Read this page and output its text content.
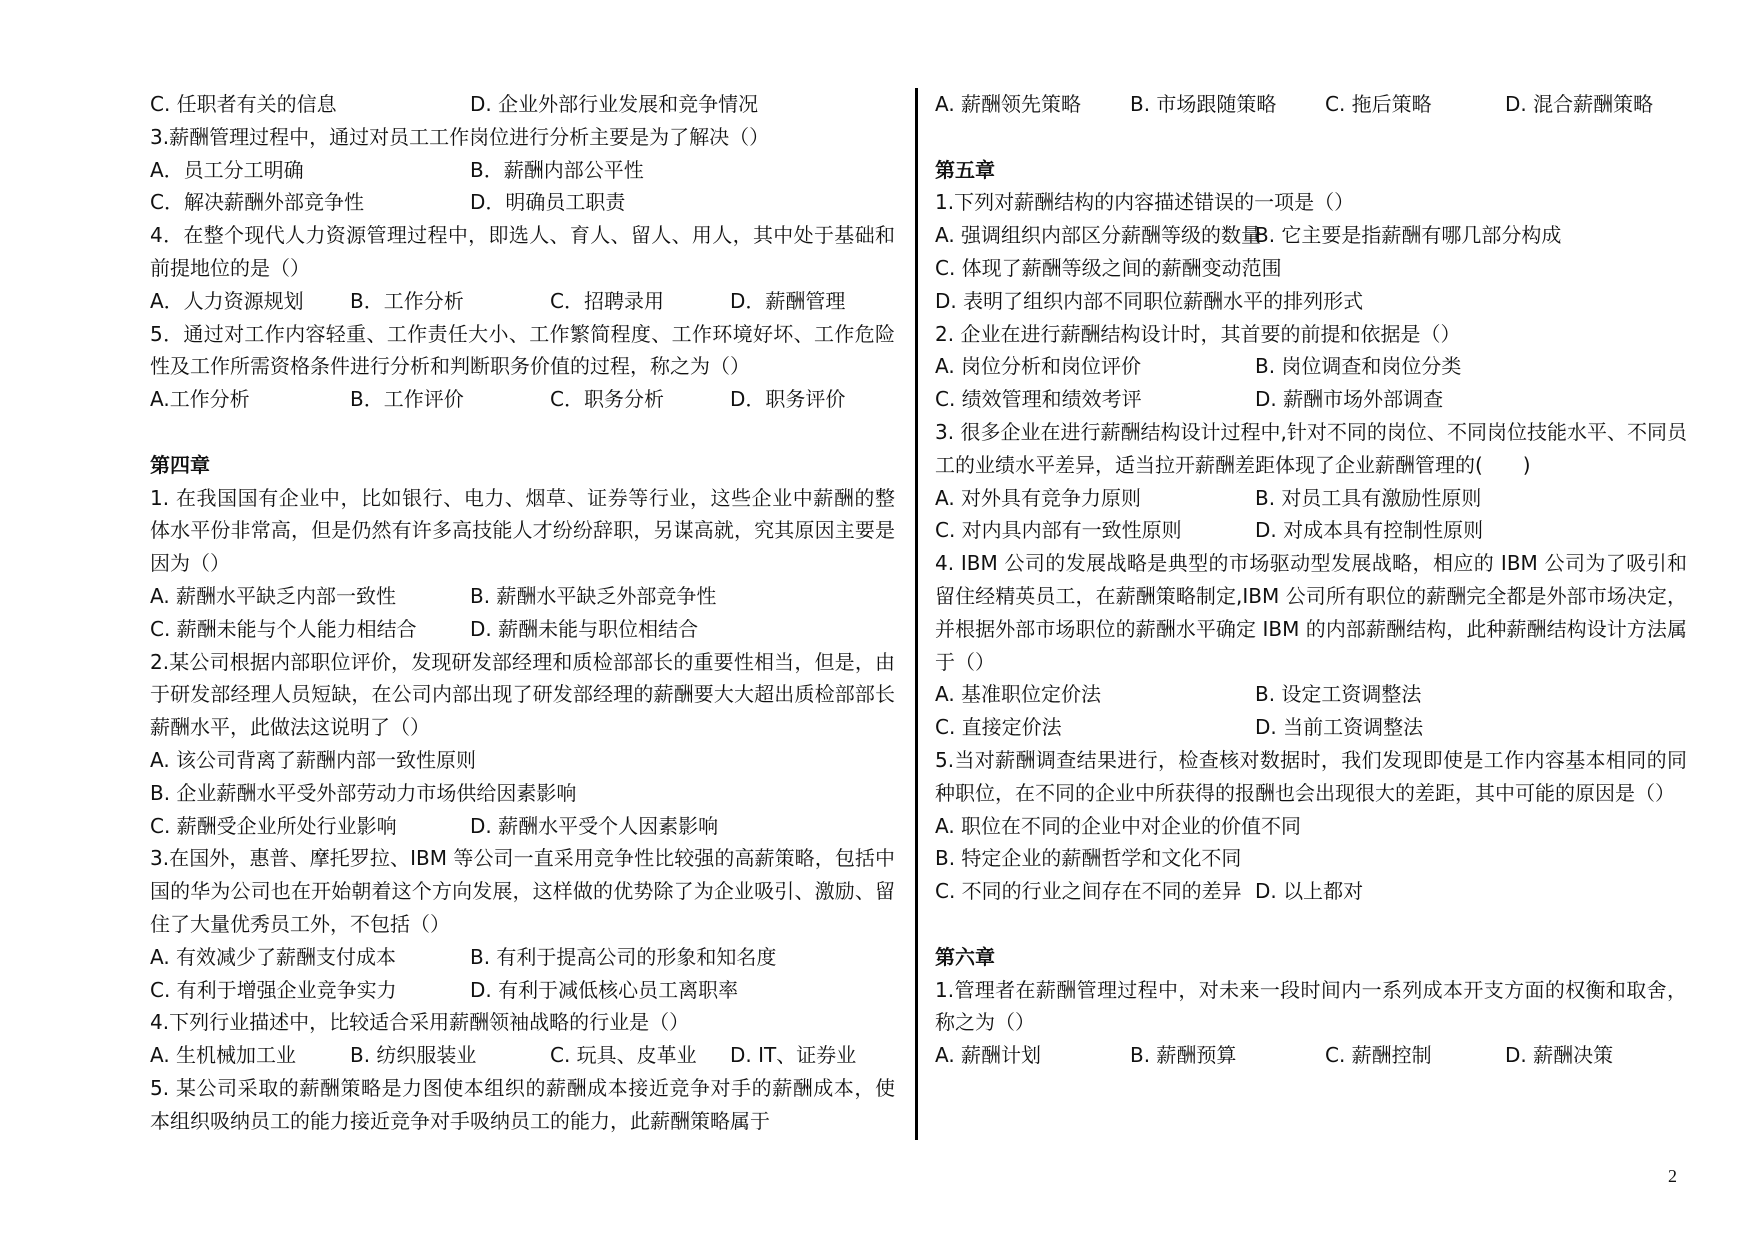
C. 任职者有关的信息	D. 企业外部行业发展和竞争情况
3.薪酬管理过程中，通过对员工工作岗位进行分析主要是为了解决（）
A．员工分工明确	B．薪酬内部公平性
C．解决薪酬外部竞争性	D．明确员工职责
4．在整个现代人力资源管理过程中，即选人、育人、留人、用人，其中处于基础和前提地位的是（）
A．人力资源规划 B．工作分析	C．招聘录用	D．薪酬管理
5．通过对工作内容轻重、工作责任大小、工作繁简程度、工作环境好坏、工作危险性及工作所需资格条件进行分析和判断职务价值的过程，称之为（）
A.工作分析	B．工作评价	C．职务分析	D．职务评价
第四章
1. 在我国国有企业中，比如银行、电力、烟草、证券等行业，这些企业中薪酬的整体水平份非常高，但是仍然有许多高技能人才纷纷辞职，另谋高就，究其原因主要是因为（）
A. 薪酬水平缺乏内部一致性	B. 薪酬水平缺乏外部竞争性
C. 薪酬未能与个人能力相结合	D. 薪酬未能与职位相结合
2.某公司根据内部职位评价，发现研发部经理和质检部部长的重要性相当，但是，由于研发部经理人员短缺，在公司内部出现了研发部经理的薪酬要大大超出质检部部长薪酬水平，此做法这说明了（）
A. 该公司背离了薪酬内部一致性原则
B. 企业薪酬水平受外部劳动力市场供给因素影响
C. 薪酬受企业所处行业影响	D. 薪酬水平受个人因素影响
3.在国外，惠普、摩托罗拉、IBM 等公司一直采用竞争性比较强的高薪策略，包括中国的华为公司也在开始朝着这个方向发展，这样做的优势除了为企业吸引、激励、留住了大量优秀员工外，不包括（）
A. 有效减少了薪酬支付成本	B. 有利于提高公司的形象和知名度
C. 有利于增强企业竞争实力	D. 有利于减低核心员工离职率
4.下列行业描述中，比较适合采用薪酬领袖战略的行业是（）
A. 生机械加工业	B. 纺织服装业	C. 玩具、皮革业 D. IT、证券业
5. 某公司采取的薪酬策略是力图使本组织的薪酬成本接近竞争对手的薪酬成本，使本组织吸纳员工的能力接近竞争对手吸纳员工的能力，此薪酬策略属于
A. 薪酬领先策略 B. 市场跟随策略 C. 拖后策略	D. 混合薪酬策略
第五章
1.下列对薪酬结构的内容描述错误的一项是（）
A. 强调组织内部区分薪酬等级的数量
B. 它主要是指薪酬有哪几部分构成
C. 体现了薪酬等级之间的薪酬变动范围
D. 表明了组织内部不同职位薪酬水平的排列形式
2. 企业在进行薪酬结构设计时，其首要的前提和依据是（）
A. 岗位分析和岗位评价	B. 岗位调查和岗位分类
C. 绩效管理和绩效考评	D. 薪酬市场外部调查
3. 很多企业在进行薪酬结构设计过程中,针对不同的岗位、不同岗位技能水平、不同员工的业绩水平差异，适当拉开薪酬差距体现了企业薪酬管理的(　　)
A. 对外具有竞争力原则	B. 对员工具有激励性原则
C. 对内具内部有一致性原则	D. 对成本具有控制性原则
4. IBM 公司的发展战略是典型的市场驱动型发展战略，相应的 IBM 公司为了吸引和留住经精英员工，在薪酬策略制定,IBM 公司所有职位的薪酬完全都是外部市场决定，并根据外部市场职位的薪酬水平确定 IBM 的内部薪酬结构，此种薪酬结构设计方法属于（）
A. 基准职位定价法	B. 设定工资调整法
C. 直接定价法	D. 当前工资调整法
5.当对薪酬调查结果进行，检查核对数据时，我们发现即使是工作内容基本相同的同种职位，在不同的企业中所获得的报酬也会出现很大的差距，其中可能的原因是（）
A. 职位在不同的企业中对企业的价值不同
B. 特定企业的薪酬哲学和文化不同
C. 不同的行业之间存在不同的差异 D. 以上都对
第六章
1.管理者在薪酬管理过程中，对未来一段时间内一系列成本开支方面的权衡和取舍，称之为（）
A. 薪酬计划	B. 薪酬预算	C. 薪酬控制	D. 薪酬决策
2
